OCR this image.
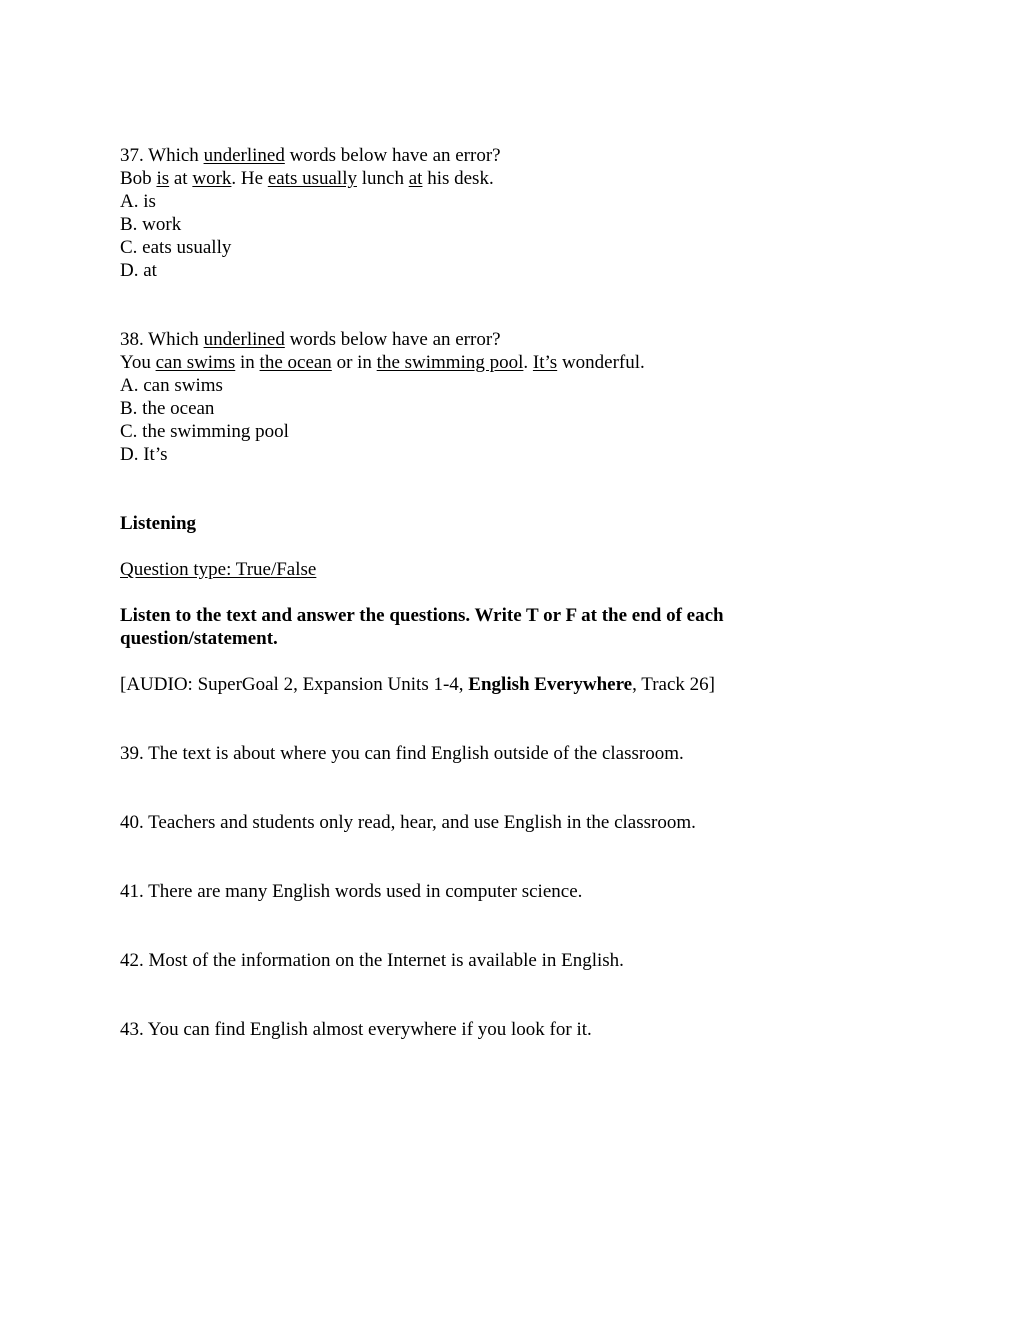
37. Which underlined words below have an error?
Bob is at work. He eats usually lunch at his desk.
A. is
B. work
C. eats usually
D. at
38. Which underlined words below have an error?
You can swims in the ocean or in the swimming pool. It’s wonderful.
A. can swims
B. the ocean
C. the swimming pool
D. It’s
Listening
Question type: True/False
Listen to the text and answer the questions. Write T or F at the end of each
question/statement.
[AUDIO: SuperGoal 2, Expansion Units 1-4, English Everywhere, Track 26]
39. The text is about where you can find English outside of the classroom.
40. Teachers and students only read, hear, and use English in the classroom.
41. There are many English words used in computer science.
42. Most of the information on the Internet is available in English.
43. You can find English almost everywhere if you look for it.
